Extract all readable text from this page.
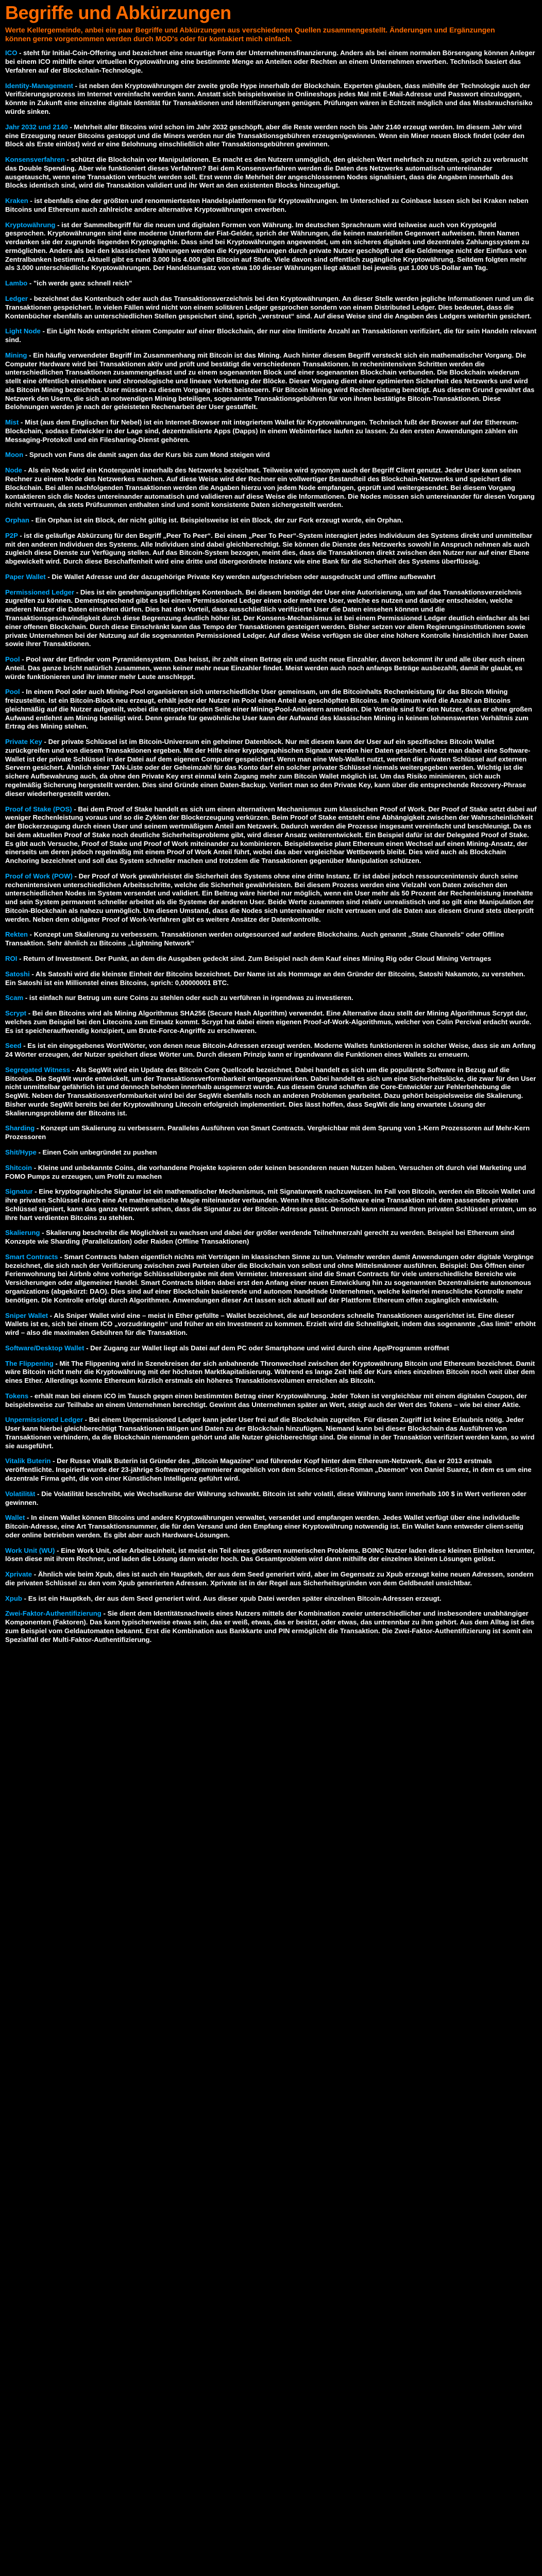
Begriffe und Abkürzungen

Werte Kellergemeinde, anbei ein paar Begriffe und Abkürzungen aus verschiedenen Quellen zusammengestellt. Änderungen und Ergänzungen können gerne vorgenommen werden durch MOD's oder für kontakiert mich einfach.

ICO - steht für Initial-Coin-Offering und bezeichnet eine neuartige Form der Unternehmensfinanzierung. Anders als bei einem normalen Börsengang können Anleger bei einem ICO mithilfe einer virtuellen Kryptowährung eine bestimmte Menge an Anteilen oder Rechten an einem Unternehmen erwerben. Technisch basiert das Verfahren auf der Blockchain-Technologie.

Identity-Management - ist neben den Kryptowährungen der zweite große Hype innerhalb der Blockchain. Experten glauben, dass mithilfe der Technologie auch der Verifizierungsprozess im Internet vereinfacht werden kann. Anstatt sich beispielsweise in Onlineshops jedes Mal mit E-Mail-Adresse und Passwort einzuloggen, könnte in Zukunft eine einzelne digitale Identität für Transaktionen und Identifizierungen genügen. Prüfungen wären in Echtzeit möglich und das Missbrauchsrisiko würde sinken.

Jahr 2032 und 2140 - Mehrheit aller Bitcoins wird schon im Jahr 2032 geschöpft, aber die Reste werden noch bis Jahr 2140 erzeugt werden. Im diesem Jahr wird eine Erzeugung neuer Bitcoins gestoppt und die Miners werden nur die Transaktionsgebühren erzeugen/gewinnen. Wenn ein Miner neuen Block findet (oder den Block als Erste einlöst) wird er eine Belohnung einschließlich aller Transaktionsgebühren gewinnen.

Konsensverfahren - schützt die Blockchain vor Manipulationen. Es macht es den Nutzern unmöglich, den gleichen Wert mehrfach zu nutzen, sprich zu verbraucht das Double Spending. Aber wie funktioniert dieses Verfahren? Bei dem Konsensverfahren werden die Daten des Netzwerks automatisch untereinander ausgetauscht, wenn eine Transaktion verbucht werden soll. Erst wenn die Mehrheit der angeschlossenen Nodes signalisiert, dass die Angaben innerhalb des Blocks identisch sind, wird die Transaktion validiert und ihr Wert an den existenten Blocks hinzugefügt.

Kraken - ist ebenfalls eine der größten und renommiertesten Handelsplattformen für Kryptowährungen. Im Unterschied zu Coinbase lassen sich bei Kraken neben Bitcoins und Ethereum auch zahlreiche andere alternative Kryptowährungen erwerben.

Kryptowährung - ist der Sammelbegriff für die neuen und digitalen Formen von Währung. Im deutschen Sprachraum wird teilweise auch von Kryptogeld gesprochen. Kryptowährungen sind eine moderne Unterform der Fiat-Gelder, sprich der Währungen, die keinen materiellen Gegenwert aufweisen. Ihren Namen verdanken sie der zugrunde liegenden Kryptographie. Dass sind bei Kryptowährungen angewendet, um ein sicheres digitales und dezentrales Zahlungssystem zu ermöglichen. Anders als bei den klassischen Währungen werden die Kryptowährungen durch private Nutzer geschöpft und die Geldmenge nicht der Einfluss von Zentralbanken bestimmt. Aktuell gibt es rund 3.000 bis 4.000 gibt Bitcoin auf Stufe. Viele davon sind offentlich zugängliche Kryptowährung. Seitdem folgten mehr als 3.000 unterschiedliche Kryptowährungen. Der Handelsumsatz von etwa 100 dieser Währungen liegt aktuell bei jeweils gut 1.000 US-Dollar am Tag.

Lambo - "ich werde ganz schnell reich"

Ledger - bezeichnet das Kontenbuch oder auch das Transaktionsverzeichnis bei den Kryptowährungen. An dieser Stelle werden jegliche Informationen rund um die Transaktionen gespeichert. In vielen Fällen wird nicht von einem solitären Ledger gesprochen sondern von einem Distributed Ledger. Dies bedeutet, dass die Kontenbücher ebenfalls an unterschiedlichen Stellen gespeichert sind, sprich „verstreut“ sind. Auf diese Weise sind die Angaben des Ledgers weiterhin gesichert.

Light Node - Ein Light Node entspricht einem Computer auf einer Blockchain, der nur eine limitierte Anzahl an Transaktionen verifiziert, die für sein Handeln relevant sind.

Mining - Ein häufig verwendeter Begriff im Zusammenhang mit Bitcoin ist das Mining. Auch hinter diesem Begriff versteckt sich ein mathematischer Vorgang. Die Computer Hardware wird bei Transaktionen aktiv und prüft und bestätigt die verschiedenen Transaktionen. In rechenintensiven Schritten werden die unterschiedlichen Transaktionen zusammengefasst und zu einem sogenannten Block und einer sogenannten Blockchain verbunden. Die Blockchain wiederum stellt eine öffentlich einsehbare und chronologische und lineare Verkettung der Blöcke. Dieser Vorgang dient einer optimierten Sicherheit des Netzwerks und wird als Bitcoin Mining bezeichnet. User müssen zu diesem Vorgang nichts beisteuern. Für Bitcoin Mining wird Rechenleistung benötigt. Aus diesem Grund gewährt das Netzwerk den Usern, die sich an notwendigen Mining beteiligen, sogenannte Transaktionsgebühren für von ihnen bestätigte Bitcoin-Transaktionen. Diese Belohnungen werden je nach der geleisteten Rechenarbeit der User gestaffelt.

Mist - Mist (aus dem Englischen für Nebel) ist ein Internet-Browser mit integriertem Wallet für Kryptowährungen. Technisch fußt der Browser auf der Ethereum-Blockchain, sodass Entwickler in der Lage sind, dezentralisierte Apps (Dapps) in einem Webinterface laufen zu lassen. Zu den ersten Anwendungen zählen ein Messaging-Protokoll und ein Filesharing-Dienst gehören.

Moon - Spruch von Fans die damit sagen das der Kurs bis zum Mond steigen wird

Node - Als ein Node wird ein Knotenpunkt innerhalb des Netzwerks bezeichnet. Teilweise wird synonym auch der Begriff Client genutzt. Jeder User kann seinen Rechner zu einem Node des Netzwerkes machen. Auf diese Weise wird der Rechner ein vollwertiger Bestandteil des Blockchain-Netzwerks und speichert die Blockchain. Bei allen nachfolgenden Transaktionen werden die Angaben hierzu von jedem Node empfangen, geprüft und weitergesendet. Bei diesem Vorgang kontaktieren sich die Nodes untereinander automatisch und validieren auf diese Weise die Informationen. Die Nodes müssen sich untereinander für diesen Vorgang nicht vertrauen, da stets Prüfsummen enthalten sind und somit konsistente Daten sichergestellt werden.

Orphan - Ein Orphan ist ein Block, der nicht gültig ist. Beispielsweise ist ein Block, der zur Fork erzeugt wurde, ein Orphan.

P2P - ist die geläufige Abkürzung für den Begriff „Peer To Peer“. Bei einem „Peer To Peer“-System interagiert jedes Individuum des Systems direkt und unmittelbar mit den anderen Individuen des Systems. Alle Individuen sind dabei gleichberechtigt. Sie können die Dienste des Netzwerks sowohl in Anspruch nehmen als auch zugleich diese Dienste zur Verfügung stellen. Auf das Bitcoin-System bezogen, meint dies, dass die Transaktionen direkt zwischen den Nutzer nur auf einer Ebene abgewickelt wird. Durch diese Beschaffenheit wird eine dritte und übergeordnete Instanz wie eine Bank für die Sicherheit des Systems überflüssig.

Paper Wallet - Die Wallet Adresse und der dazugehörige Private Key werden aufgeschrieben oder ausgedruckt und offline aufbewahrt

Permissioned Ledger - Dies ist ein genehmigungspflichtiges Kontenbuch. Bei diesem benötigt der User eine Autorisierung, um auf das Transaktionsverzeichnis zugreifen zu können. Dementsprechend gibt es bei einem Permissioned Ledger einen oder mehrere User, welche es nutzen und darüber entscheiden, welche anderen Nutzer die Daten einsehen dürfen. Dies hat den Vorteil, dass ausschließlich verifizierte User die Daten einsehen können und die Transaktionsgeschwindigkeit durch diese Begrenzung deutlich höher ist. Der Konsens-Mechanismus ist bei einem Permissioned Ledger deutlich einfacher als bei einer offenen Blockchain. Durch diese Einschränkt kann das Tempo der Transaktionen gesteigert werden. Bisher setzen vor allem Regierungsinstitutionen sowie private Unternehmen bei der Nutzung auf die sogenannten Permissioned Ledger. Auf diese Weise verfügen sie über eine höhere Kontrolle hinsichtlich ihrer Daten sowie ihrer Transaktionen.

Pool - Pool war der Erfinder vom Pyramidensystem. Das heisst, ihr zahlt einen Betrag ein und sucht neue Einzahler, davon bekommt ihr und alle über euch einen Anteil. Das ganze bricht natürlich zusammen, wenn keiner mehr neue Einzahler findet. Meist werden auch noch anfangs Beträge ausbezahlt, damit ihr glaubt, es würde funktionieren und ihr immer mehr Leute anschleppt.

Pool - In einem Pool oder auch Mining-Pool organisieren sich unterschiedliche User gemeinsam, um die Bitcoinhalts Rechenleistung für das Bitcoin Mining freizustellen. Ist ein Bitcoin-Block neu erzeugt, erhält jeder der Nutzer im Pool einen Anteil an geschöpften Bitcoins. Im Optimum wird die Anzahl an Bitcoins gleichmäßig auf die Nutzer aufgeteilt, wobei die entsprechenden Seite einer Mining-Pool-Anbietern anmelden. Die Vorteile sind für den Nutzer, dass er ohne großen Aufwand entlehnt am Mining beteiligt wird. Denn gerade für gewöhnliche User kann der Aufwand des klassischen Mining in keinem lohnenswerten Verhältnis zum Ertrag des Mining stehen.

Private Key - Der private Schlüssel ist im Bitcoin-Universum ein geheimer Datenblock. Nur mit diesem kann der User auf ein spezifisches Bitcoin Wallet zurückgreifen und von diesem Transaktionen ergeben. Mit der Hilfe einer kryptographischen Signatur werden hier Daten gesichert. Nutzt man dabei eine Software-Wallet ist der private Schlüssel in der Datei auf dem eigenen Computer gespeichert. Wenn man eine Web-Wallet nutzt, werden die privaten Schlüssel auf externen Servern gesichert. Ähnlich einer TAN-Liste oder der Geheimzahl für das Konto darf ein solcher privater Schlüssel niemals weitergegeben werden. Wichtig ist die sichere Aufbewahrung auch, da ohne den Private Key erst einmal kein Zugang mehr zum Bitcoin Wallet möglich ist. Um das Risiko minimieren, sich auch regelmäßig Sicherung hergestellt werden. Dies sind Gründe einen Daten-Backup. Verliert man so den Private Key, kann über die entsprechende Recovery-Phrase dieser wiederhergestellt werden.

Proof of Stake (POS) - Bei dem Proof of Stake handelt es sich um einen alternativen Mechanismus zum klassischen Proof of Work. Der Proof of Stake setzt dabei auf weniger Rechenleistung voraus und so die Zyklen der Blockerzeugung verkürzen. Beim Proof of Stake entsteht eine Abhängigkeit zwischen der Wahrscheinlichkeit der Blockerzeugung durch einen User und seinem wertmäßigem Anteil am Netzwerk. Dadurch werden die Prozesse insgesamt vereinfacht und beschleunigt. Da es bei dem aktuellen Proof of Stake noch deutliche Sicherheitsprobleme gibt, wird dieser Ansatz weiterentwickelt. Ein Beispiel dafür ist der Delegated Proof of Stake. Es gibt auch Versuche, Proof of Stake und Proof of Work miteinander zu kombinieren. Beispielsweise plant Ethereum einen Wechsel auf einen Mining-Ansatz, der einerseits um deren jedoch regelmäßig mit einem Proof of Work Anteil führt, wobei das aber vergleichbar Wettbewerb bleibt. Dies wird auch als Blockchain Anchoring bezeichnet und soll das System schneller machen und trotzdem die Transaktionen gegenüber Manipulation schützen.

Proof of Work (POW) - Der Proof of Work gewährleistet die Sicherheit des Systems ohne eine dritte Instanz. Er ist dabei jedoch ressourcenintensiv durch seine rechenintensiven unterschiedlichen Arbeitsschritte, welche die Sicherheit gewährleisten. Bei diesem Prozess werden eine Vielzahl von Daten zwischen den unterschiedlichen Nodes im System versendet und validiert. Ein Beitrag wäre hierbei nur möglich, wenn ein User mehr als 50 Prozent der Rechenleistung innehätte und sein System permanent schneller arbeitet als die Systeme der anderen User. Beide Werte zusammen sind relativ unrealistisch und so gilt eine Manipulation der Bitcoin-Blockchain als nahezu unmöglich. Um diesen Umstand, dass die Nodes sich untereinander nicht vertrauen und die Daten aus diesem Grund stets überprüft werden. Neben dem obligater Proof of Work-Verfahren gibt es weitere Ansätze der Datenkontrolle.

Rekten - Konzept um Skalierung zu verbessern. Transaktionen werden outgesourced auf andere Blockchains. Auch genannt „State Channels“ oder Offline Transaktion. Sehr ähnlich zu Bitcoins „Lightning Network“

ROI - Return of Investment. Der Punkt, an dem die Ausgaben gedeckt sind. Zum Beispiel nach dem Kauf eines Mining Rig oder Cloud Mining Vertrages

Satoshi - Als Satoshi wird die kleinste Einheit der Bitcoins bezeichnet. Der Name ist als Hommage an den Gründer der Bitcoins, Satoshi Nakamoto, zu verstehen. Ein Satoshi ist ein Millionstel eines Bitcoins, sprich: 0,00000001 BTC.

Scam - ist einfach nur Betrug um eure Coins zu stehlen oder euch zu verführen in irgendwas zu investieren.

Scrypt - Bei den Bitcoins wird als Mining Algorithmus SHA256 (Secure Hash Algorithm) verwendet. Eine Alternative dazu stellt der Mining Algorithmus Scrypt dar, welches zum Beispiel bei den Litecoins zum Einsatz kommt. Scrypt hat dabei einen eigenen Proof-of-Work-Algorithmus, welcher von Colin Percival erdacht wurde. Es ist speicherauffwendig konzipiert, um Brute-Force-Angriffe zu erschweren.

Seed - Es ist ein eingegebenes Wort/Wörter, von denen neue Bitcoin-Adressen erzeugt werden. Moderne Wallets funktionieren in solcher Weise, dass sie am Anfang 24 Wörter erzeugen, der Nutzer speichert diese Wörter um. Durch diesem Prinzip kann er irgendwann die Funktionen eines Wallets zu erneuern.

Segregated Witness - Als SegWit wird ein Update des Bitcoin Core Quellcode bezeichnet. Dabei handelt es sich um die populärste Software in Bezug auf die Bitcoins. Die SegWit wurde entwickelt, um der Transaktionsverformbarkeit entgegenzuwirken. Dabei handelt es sich um eine Sicherheitslücke, die zwar für den User nicht unmittelbar gefährlich ist und dennoch behoben innerhalb ausgemerzt wurde. Aus diesem Grund schaffen die Core-Entwickler zur Fehlerbehebung die SegWit. Neben der Transaktionsverformbarkeit wird bei der SegWit ebenfalls noch an anderen Problemen gearbeitet. Dazu gehört beispielsweise die Skalierung. Bisher wurde SegWit bereits bei der Kryptowährung Litecoin erfolgreich implementiert. Dies lässt hoffen, dass SegWit die lang erwartete Lösung der Skalierungsprobleme der Bitcoins ist.

Sharding - Konzept um Skalierung zu verbessern. Paralleles Ausführen von Smart Contracts. Vergleichbar mit dem Sprung von 1-Kern Prozessoren auf Mehr-Kern Prozessoren

Shit/Hype - Einen Coin unbegründet zu pushen

Shitcoin - Kleine und unbekannte Coins, die vorhandene Projekte kopieren oder keinen besonderen neuen Nutzen haben. Versuchen oft durch viel Marketing und FOMO Pumps zu erzeugen, um Profit zu machen

Signatur - Eine kryptographische Signatur ist ein mathematischer Mechanismus, mit Signaturwerk nachzuweisen. Im Fall von Bitcoin, werden ein Bitcoin Wallet und ihre privaten Schlüssel durch eine Art mathematische Magie miteinander verbunden. Wenn Ihre Bitcoin-Software eine Transaktion mit dem passenden privaten Schlüssel signiert, kann das ganze Netzwerk sehen, dass die Signatur zu der Bitcoin-Adresse passt. Dennoch kann niemand Ihren privaten Schlüssel erraten, um so Ihre hart verdienten Bitcoins zu stehlen.

Skalierung - Skalierung beschreibt die Möglichkeit zu wachsen und dabei der größer werdende Teilnehmerzahl gerecht zu werden. Beispiel bei Ethereum sind Konzepte wie Sharding (Parallelization) oder Raiden (Offline Transaktionen)

Smart Contracts - Smart Contracts haben eigentlich nichts mit Verträgen im klassischen Sinne zu tun. Vielmehr werden damit Anwendungen oder digitale Vorgänge bezeichnet, die sich nach der Verifizierung zwischen zwei Parteien über die Blockchain von selbst und ohne Mittelsmänner ausführen. Beispiel: Das Öffnen einer Ferienwohnung bei Airbnb ohne vorherige Schlüsselübergabe mit dem Vermieter. Interessant sind die Smart Contracts für viele unterschiedliche Bereiche wie Versicherungen oder allgemeiner Handel. Smart Contracts bilden dabei erst den Anfang einer neuen Entwicklung hin zu sogenannten Dezentralisierte autonomous organizations (abgekürzt: DAO). Dies sind auf einer Blockchain basierende und autonom handelnde Unternehmen, welche keinerlei menschliche Kontrolle mehr benötigen. Die Kontrolle erfolgt durch Algorithmen. Anwendungen dieser Art lassen sich aktuell auf der Plattform Ethereum offen zugänglich entwickeln.

Sniper Wallet - Als Sniper Wallet wird eine – meist in Ether gefüllte – Wallet bezeichnet, die auf besonders schnelle Transaktionen ausgerichtet ist. Eine dieser Wallets ist es, sich bei einem ICO „vorzudrängeln“ und früher an ein Investment zu kommen. Erzielt wird die Schnelligkeit, indem das sogenannte „Gas limit“ erhöht wird – also die maximalen Gebühren für die Transaktion.

Software/Desktop Wallet - Der Zugang zur Wallet liegt als Datei auf dem PC oder Smartphone und wird durch eine App/Programm eröffnet

The Flippening - Mit The Flippening wird in Szenekreisen der sich anbahnende Thronwechsel zwischen der Kryptowährung Bitcoin und Ethereum bezeichnet. Damit wäre Bitcoin nicht mehr die Kryptowährung mit der höchsten Marktkapitalisierung. Während es lange Zeit hieß der Kurs eines einzelnen Bitcoin noch weit über dem eines Ether. Allerdings konnte Ethereum kürzlich erstmals ein höheres Transaktionsvolumen erreichen als Bitcoin.

Tokens - erhält man bei einem ICO im Tausch gegen einen bestimmten Betrag einer Kryptowährung. Jeder Token ist vergleichbar mit einem digitalen Coupon, der beispielsweise zur Teilhabe an einem Unternehmen berechtigt. Gewinnt das Unternehmen später an Wert, steigt auch der Wert des Tokens – wie bei einer Aktie.

Unpermissioned Ledger - Bei einem Unpermissioned Ledger kann jeder User frei auf die Blockchain zugreifen. Für diesen Zugriff ist keine Erlaubnis nötig. Jeder User kann hierbei gleichberechtigt Transaktionen tätigen und Daten zu der Blockchain hinzufügen. Niemand kann bei dieser Blockchain das Ausführen von Transaktionen verhindern, da die Blockchain niemandem gehört und alle Nutzer gleichberechtigt sind. Die einmal in der Transaktion verifiziert werden kann, so wird sie ausgeführt.

Vitalik Buterin - Der Russe Vitalik Buterin ist Gründer des „Bitcoin Magazine“ und führender Kopf hinter dem Ethereum-Netzwerk, das er 2013 erstmals veröffentlichte. Inspiriert wurde der 23-jährige Softwareprogrammierer angeblich von dem Science-Fiction-Roman „Daemon“ von Daniel Suarez, in dem es um eine dezentrale Firma geht, die von einer Künstlichen Intelligenz geführt wird.

Volatilität - Die Volatilität beschreibt, wie Wechselkurse der Währung schwankt. Bitcoin ist sehr volatil, diese Währung kann innerhalb 100 $ in Wert verlieren oder gewinnen.

Wallet - In einem Wallet können Bitcoins und andere Kryptowährungen verwaltet, versendet und empfangen werden. Jedes Wallet verfügt über eine individuelle Bitcoin-Adresse, eine Art Transaktionsnummer, die für den Versand und den Empfang einer Kryptowährung notwendig ist. Ein Wallet kann entweder client-seitig oder online betrieben werden. Es gibt aber auch Hardware-Lösungen.

Work Unit (WU) - Eine Work Unit, oder Arbeitseinheit, ist meist ein Teil eines größeren numerischen Problems. BOINC Nutzer laden diese kleinen Einheiten herunter, lösen diese mit ihrem Rechner, und laden die Lösung dann wieder hoch. Das Gesamtproblem wird dann mithilfe der einzelnen kleinen Lösungen gelöst.

Xprivate - Ähnlich wie beim Xpub, dies ist auch ein Hauptkeh, der aus dem Seed generiert wird, aber im Gegensatz zu Xpub erzeugt keine neuen Adressen, sondern die privaten Schlüssel zu den vom Xpub generierten Adressen. Xprivate ist in der Regel aus Sicherheitsgründen von dem Geldbeutel unsichtbar.

Xpub - Es ist ein Hauptkeh, der aus dem Seed generiert wird. Aus dieser xpub Datei werden später einzelnen Bitcoin-Adressen erzeugt.

Zwei-Faktor-Authentifizierung - Sie dient dem Identitätsnachweis eines Nutzers mittels der Kombination zweier unterschiedlicher und insbesondere unabhängiger Komponenten (Faktoren). Das kann typischerweise etwas sein, das er weiß, etwas, das er besitzt, oder etwas, das untrennbar zu ihm gehört. Aus dem Alltag ist dies zum Beispiel vom Geldautomaten bekannt. Erst die Kombination aus Bankkarte und PIN ermöglicht die Transaktion. Die Zwei-Faktor-Authentifizierung ist somit ein Spezialfall der Multi-Faktor-Authentifizierung.
